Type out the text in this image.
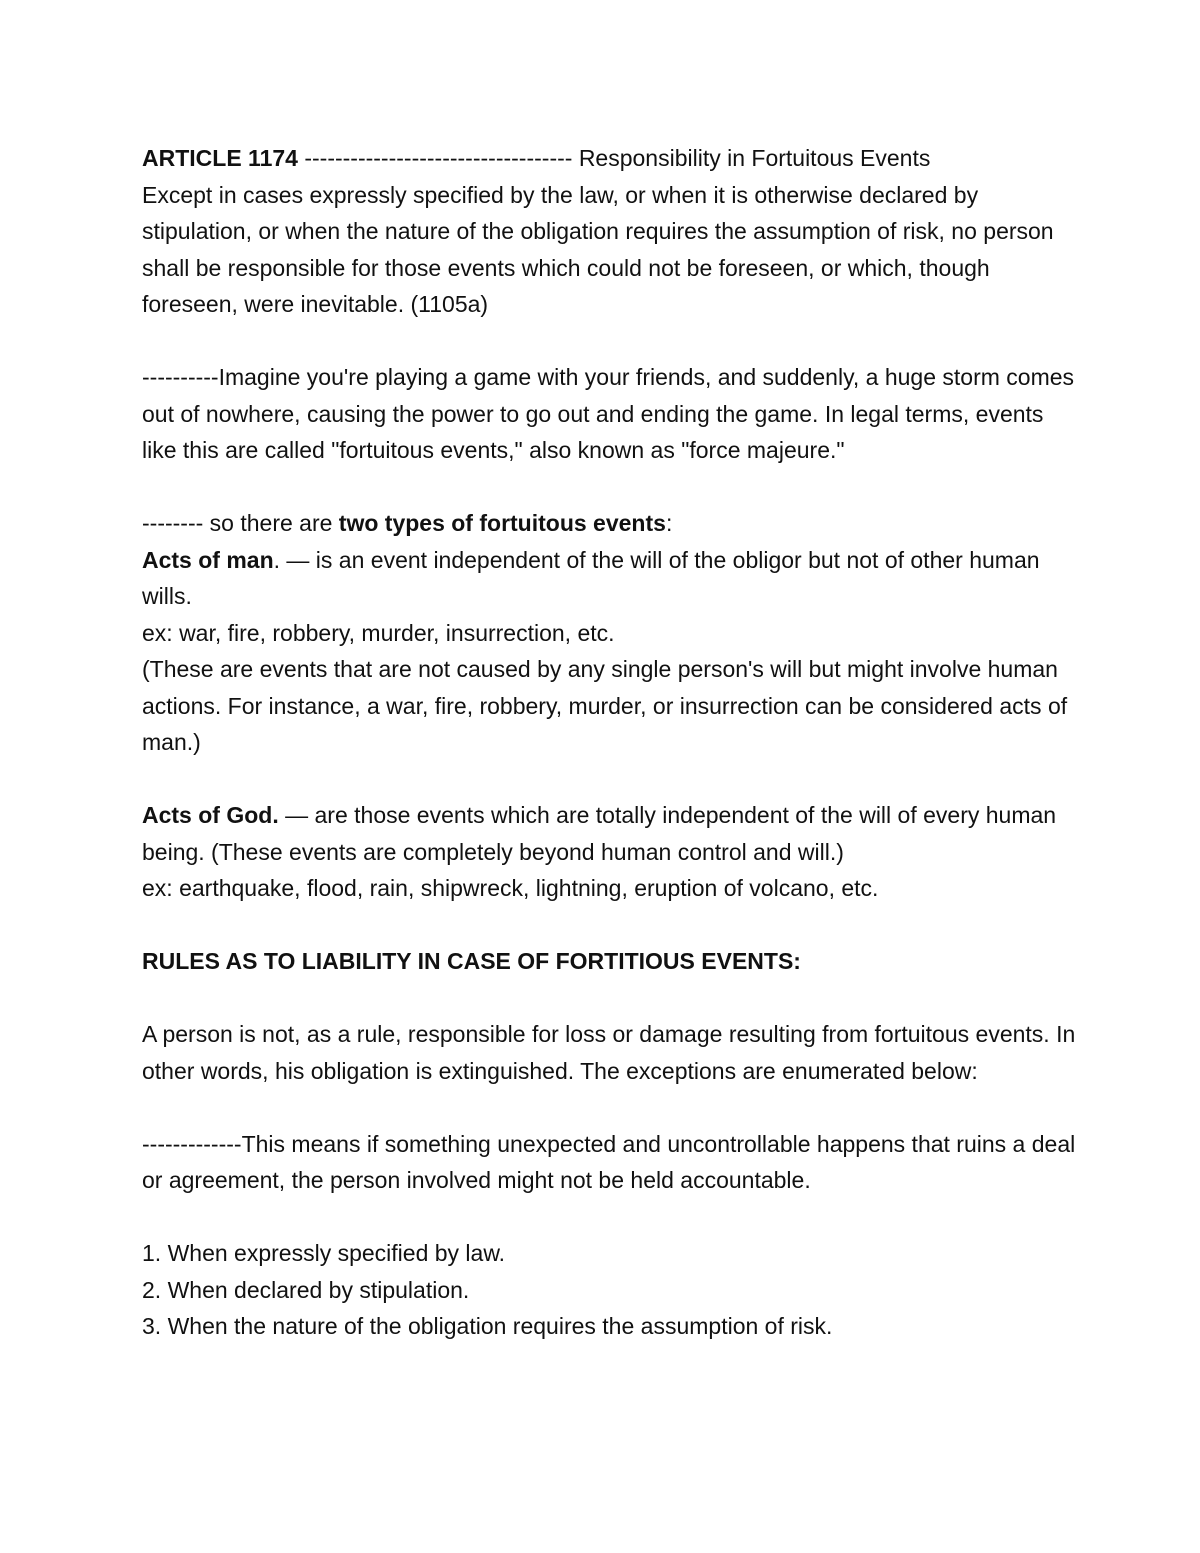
ARTICLE 1174 ----------------------------------- Responsibility in Fortuitous Events
Except in cases expressly specified by the law, or when it is otherwise declared by stipulation, or when the nature of the obligation requires the assumption of risk, no person shall be responsible for those events which could not be foreseen, or which, though foreseen, were inevitable. (1105a)

----------Imagine you're playing a game with your friends, and suddenly, a huge storm comes out of nowhere, causing the power to go out and ending the game. In legal terms, events like this are called "fortuitous events," also known as "force majeure."

-------- so there are two types of fortuitous events:

Acts of man. — is an event independent of the will of the obligor but not of other human wills.

ex: war, fire, robbery, murder, insurrection, etc.

(These are events that are not caused by any single person's will but might involve human actions. For instance, a war, fire, robbery, murder, or insurrection can be considered acts of man.)

Acts of God. — are those events which are totally independent of the will of every human being. (These events are completely beyond human control and will.)

ex: earthquake, flood, rain, shipwreck, lightning, eruption of volcano, etc.

RULES AS TO LIABILITY IN CASE OF FORTITIOUS EVENTS:

A person is not, as a rule, responsible for loss or damage resulting from fortuitous events. In other words, his obligation is extinguished. The exceptions are enumerated below:

-------------This means if something unexpected and uncontrollable happens that ruins a deal or agreement, the person involved might not be held accountable.

1. When expressly specified by law.

2. When declared by stipulation.

3. When the nature of the obligation requires the assumption of risk.
